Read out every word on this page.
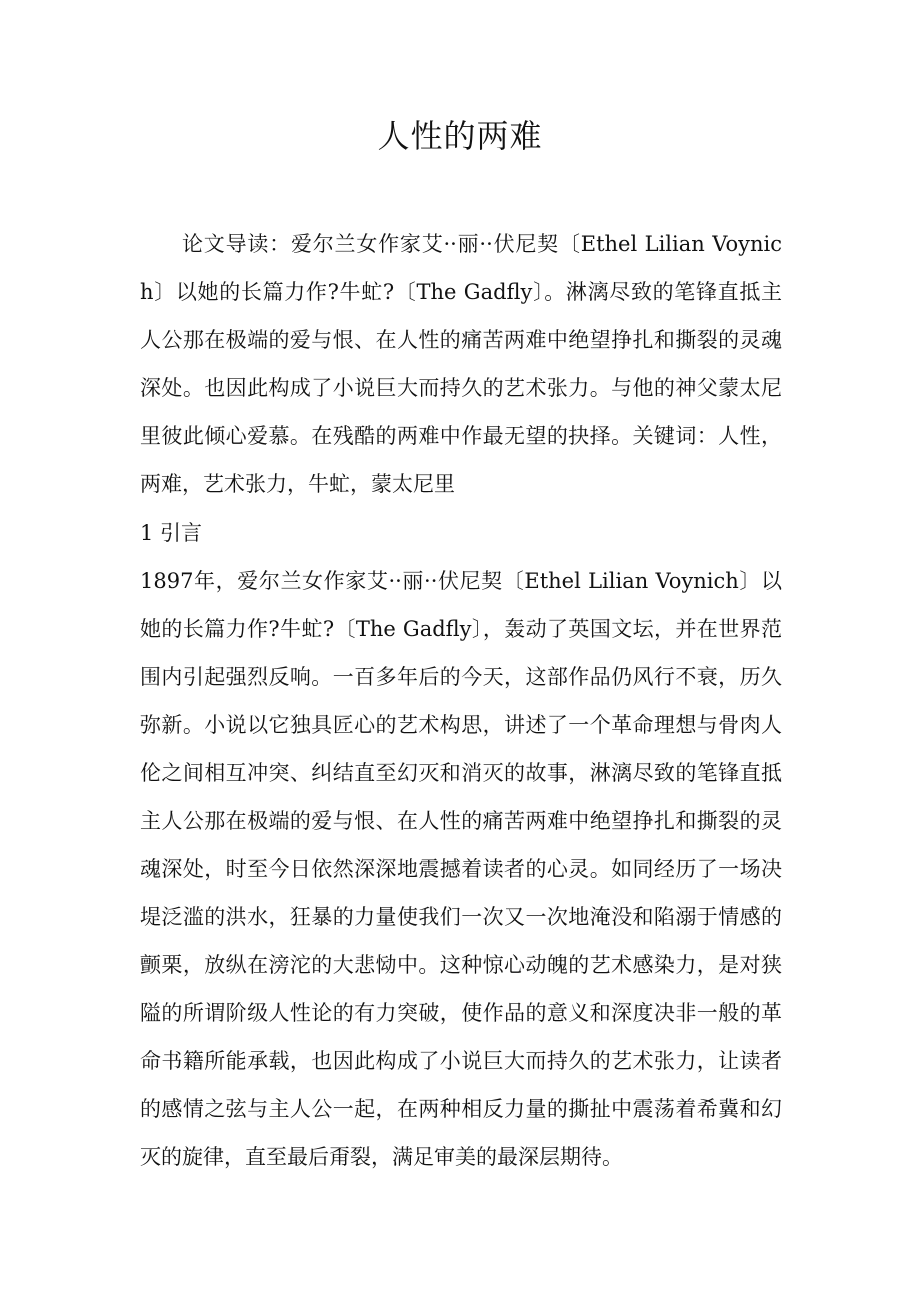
人性的两难

论文导读：爱尔兰女作家艾··丽··伏尼契〔Ethel Lilian Voynich〕以她的长篇力作?牛虻?〔The Gadfly〕。淋漓尽致的笔锋直抵主人公那在极端的爱与恨、在人性的痛苦两难中绝望挣扎和撕裂的灵魂深处。也因此构成了小说巨大而持久的艺术张力。与他的神父蒙太尼里彼此倾心爱慕。在残酷的两难中作最无望的抉择。关键词：人性，两难，艺术张力，牛虻，蒙太尼里

1 引言

1897年，爱尔兰女作家艾··丽··伏尼契〔Ethel Lilian Voynich〕以她的长篇力作?牛虻?〔The Gadfly〕，轰动了英国文坛，并在世界范围内引起强烈反响。一百多年后的今天，这部作品仍风行不衰，历久弥新。小说以它独具匠心的艺术构思，讲述了一个革命理想与骨肉人伦之间相互冲突、纠结直至幻灭和消灭的故事，淋漓尽致的笔锋直抵主人公那在极端的爱与恨、在人性的痛苦两难中绝望挣扎和撕裂的灵魂深处，时至今日依然深深地震撼着读者的心灵。如同经历了一场决堤泛滥的洪水，狂暴的力量使我们一次又一次地淹没和陷溺于情感的颤栗，放纵在滂沱的大悲恸中。这种惊心动魄的艺术感染力，是对狭隘的所谓阶级人性论的有力突破，使作品的意义和深度决非一般的革命书籍所能承载，也因此构成了小说巨大而持久的艺术张力，让读者的感情之弦与主人公一起，在两种相反力量的撕扯中震荡着希冀和幻灭的旋律，直至最后甭裂，满足审美的最深层期待。
